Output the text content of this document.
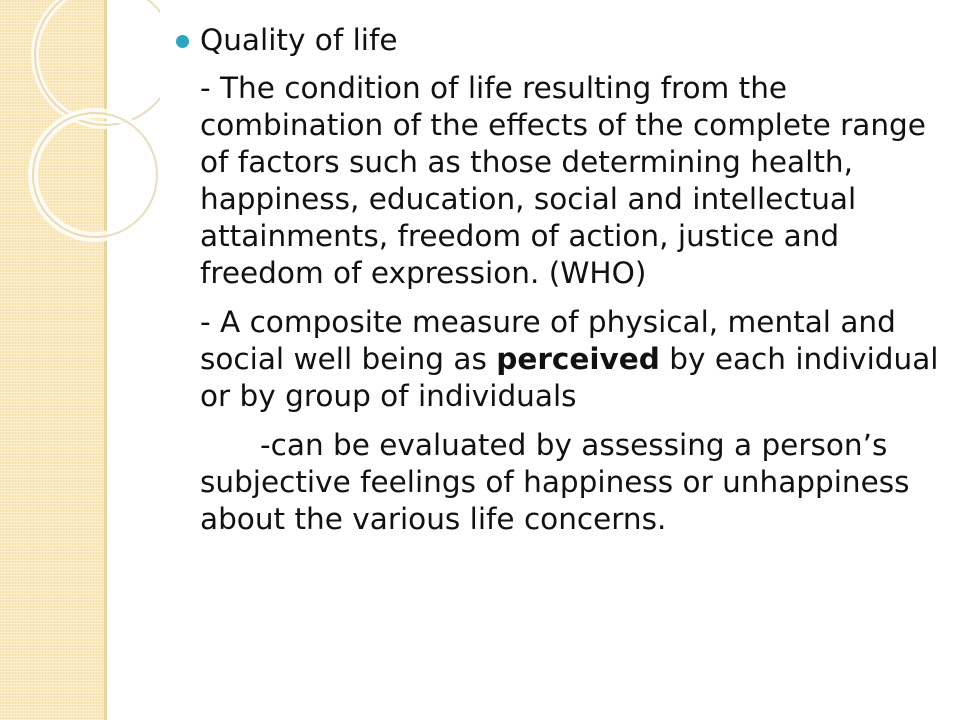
Quality of life

- The condition of life resulting from the combination of the effects of the complete range of factors such as those determining health, happiness, education, social and intellectual attainments, freedom of action, justice and freedom of expression. (WHO)

- A composite measure of physical, mental and social well being as perceived by each individual or by group of individuals

-can be evaluated by assessing a person’s subjective feelings of happiness or unhappiness about the various life concerns.
